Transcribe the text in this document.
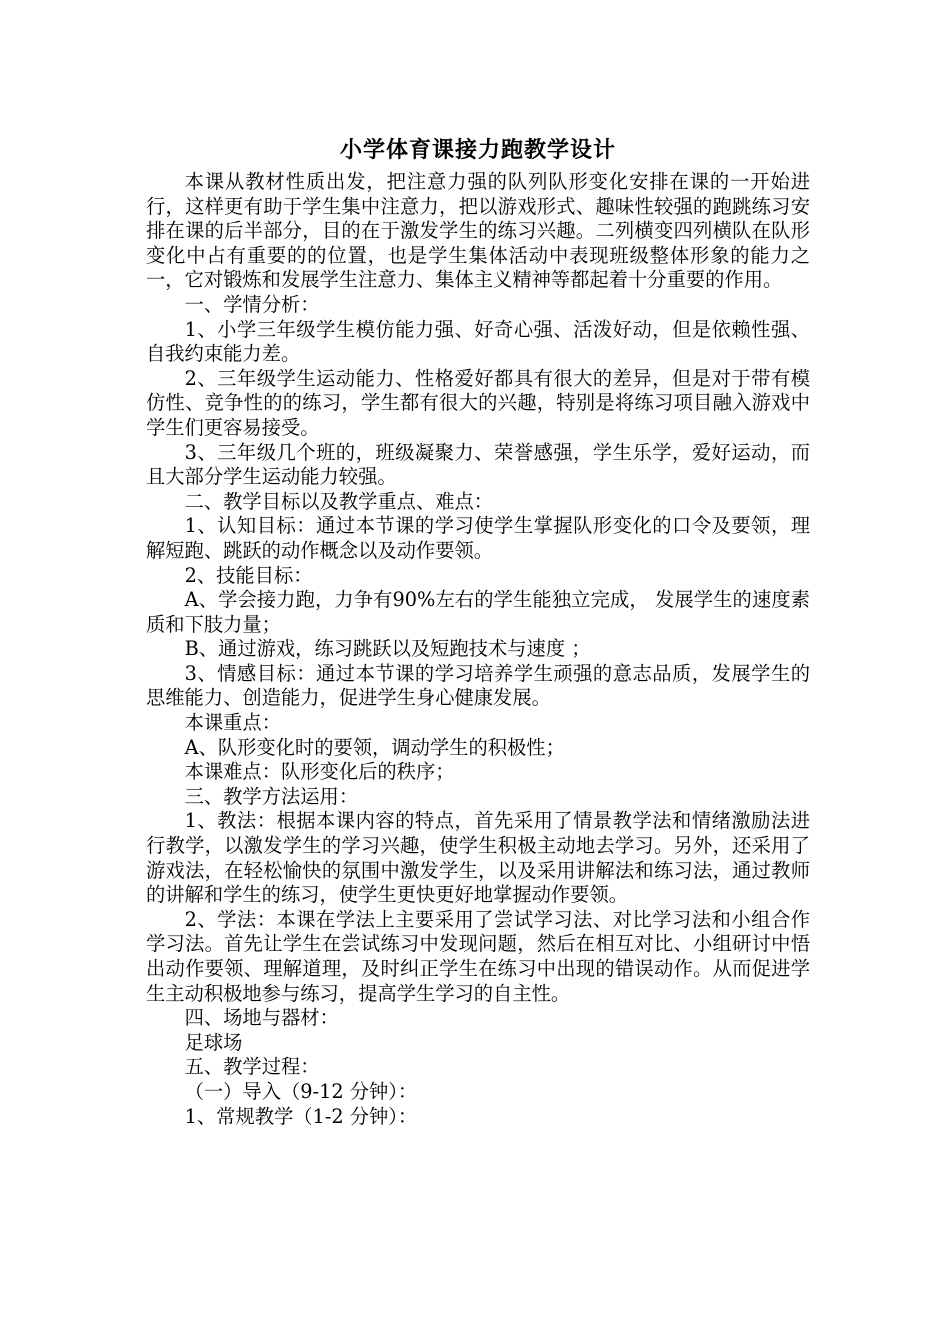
小学体育课接力跑教学设计

本课从教材性质出发，把注意力强的队列队形变化安排在课的一开始进行，这样更有助于学生集中注意力，把以游戏形式、趣味性较强的跑跳练习安排在课的后半部分，目的在于激发学生的练习兴趣。二列横变四列横队在队形变化中占有重要的的位置，也是学生集体活动中表现班级整体形象的能力之一，它对锻炼和发展学生注意力、集体主义精神等都起着十分重要的作用。

一、学情分析：

1、小学三年级学生模仿能力强、好奇心强、活泼好动，但是依赖性强、自我约束能力差。

2、三年级学生运动能力、性格爱好都具有很大的差异，但是对于带有模仿性、竞争性的的练习，学生都有很大的兴趣，特别是将练习项目融入游戏中学生们更容易接受。

3、三年级几个班的，班级凝聚力、荣誉感强，学生乐学，爱好运动，而且大部分学生运动能力较强。

二、教学目标以及教学重点、难点：

1、认知目标：通过本节课的学习使学生掌握队形变化的口令及要领，理解短跑、跳跃的动作概念以及动作要领。

2、技能目标：

A、学会接力跑，力争有90%左右的学生能独立完成， 发展学生的速度素质和下肢力量；

B、通过游戏，练习跳跃以及短跑技术与速度 ；

3、情感目标：通过本节课的学习培养学生顽强的意志品质，发展学生的思维能力、创造能力，促进学生身心健康发展。

本课重点：

A、队形变化时的要领，调动学生的积极性；

本课难点：队形变化后的秩序；

三、教学方法运用：

1、教法：根据本课内容的特点，首先采用了情景教学法和情绪激励法进行教学，以激发学生的学习兴趣，使学生积极主动地去学习。另外，还采用了游戏法，在轻松愉快的氛围中激发学生，以及采用讲解法和练习法，通过教师的讲解和学生的练习，使学生更快更好地掌握动作要领。

2、学法：本课在学法上主要采用了尝试学习法、对比学习法和小组合作学习法。首先让学生在尝试练习中发现问题，然后在相互对比、小组研讨中悟出动作要领、理解道理，及时纠正学生在练习中出现的错误动作。从而促进学生主动积极地参与练习，提高学生学习的自主性。

四、场地与器材：

足球场

五、教学过程：

（一）导入（9-12 分钟）：

1、常规教学（1-2 分钟）：
